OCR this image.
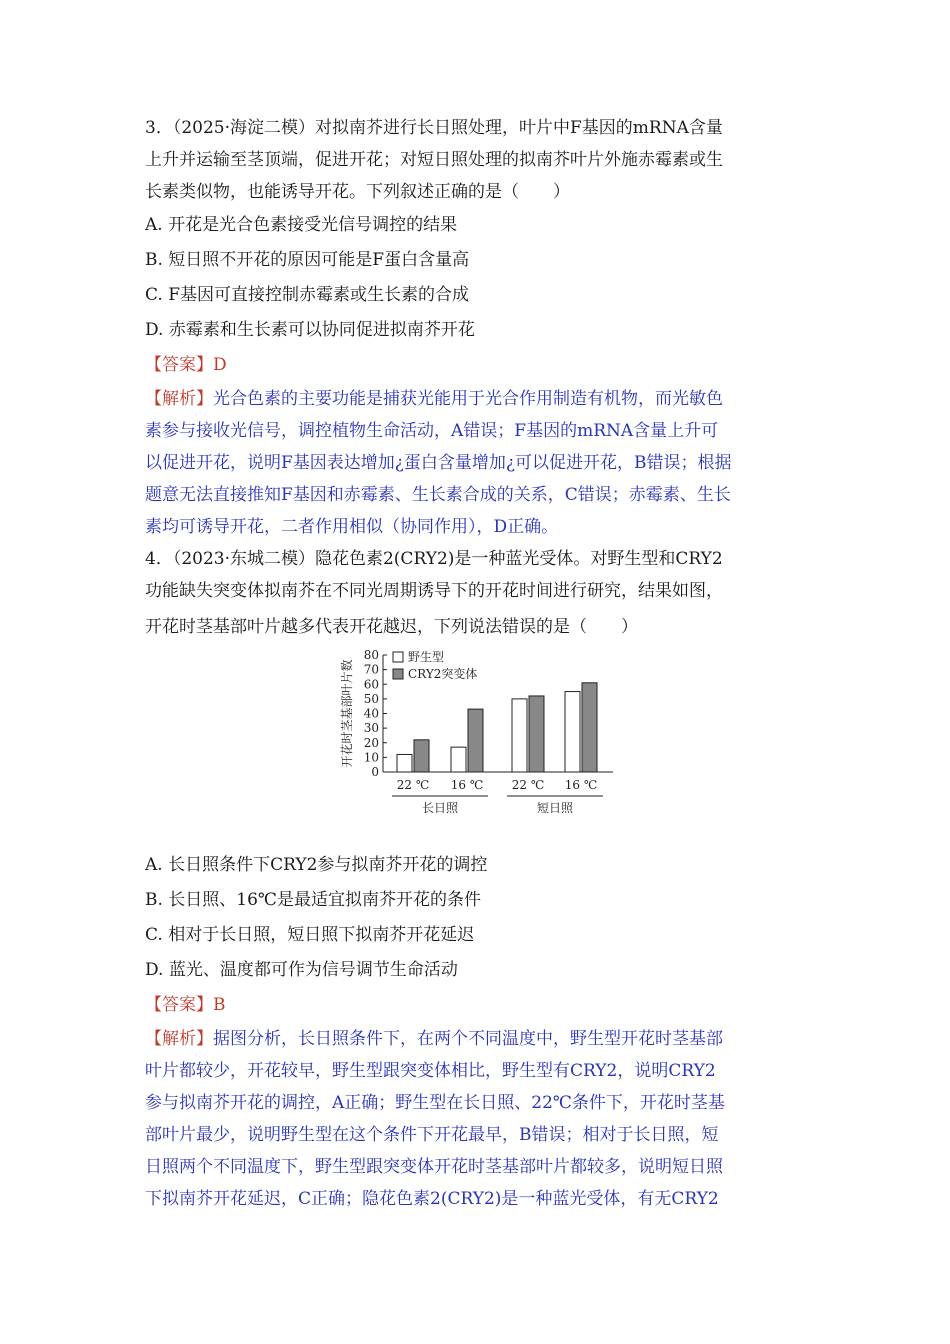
3．（2025·海淀二模）对拟南芥进行长日照处理，叶片中F基因的mRNA含量
上升并运输至茎顶端，促进开花；对短日照处理的拟南芥叶片外施赤霉素或生
长素类似物，也能诱导开花。下列叙述正确的是（　　）
A. 开花是光合色素接受光信号调控的结果
B. 短日照不开花的原因可能是F蛋白含量高
C. F基因可直接控制赤霉素或生长素的合成
D. 赤霉素和生长素可以协同促进拟南芥开花
【答案】D
【解析】光合色素的主要功能是捕获光能用于光合作用制造有机物，而光敏色
素参与接收光信号，调控植物生命活动，A错误；F基因的mRNA含量上升可
以促进开花，说明F基因表达增加¿蛋白含量增加¿可以促进开花，B错误；根据
题意无法直接推知F基因和赤霉素、生长素合成的关系，C错误；赤霉素、生长
素均可诱导开花，二者作用相似（协同作用），D正确。
4．（2023·东城二模）隐花色素2(CRY2)是一种蓝光受体。对野生型和CRY2
功能缺失突变体拟南芥在不同光周期诱导下的开花时间进行研究，结果如图，
开花时茎基部叶片越多代表开花越迟，下列说法错误的是（　　）
0
10
20
30
40
50
60
70
80
开花时茎基部叶片数
22 ℃ 16 ℃ 22 ℃ 16 ℃
长日照	短日照
野生型
CRY2突变体
A. 长日照条件下CRY2参与拟南芥开花的调控
B. 长日照、16℃是最适宜拟南芥开花的条件
C. 相对于长日照，短日照下拟南芥开花延迟
D. 蓝光、温度都可作为信号调节生命活动
【答案】B
【解析】据图分析，长日照条件下，在两个不同温度中，野生型开花时茎基部
叶片都较少，开花较早，野生型跟突变体相比，野生型有CRY2，说明CRY2
参与拟南芥开花的调控，A正确；野生型在长日照、22℃条件下，开花时茎基
部叶片最少，说明野生型在这个条件下开花最早，B错误；相对于长日照，短
日照两个不同温度下，野生型跟突变体开花时茎基部叶片都较多，说明短日照
下拟南芥开花延迟，C正确；隐花色素2(CRY2)是一种蓝光受体，有无CRY2
